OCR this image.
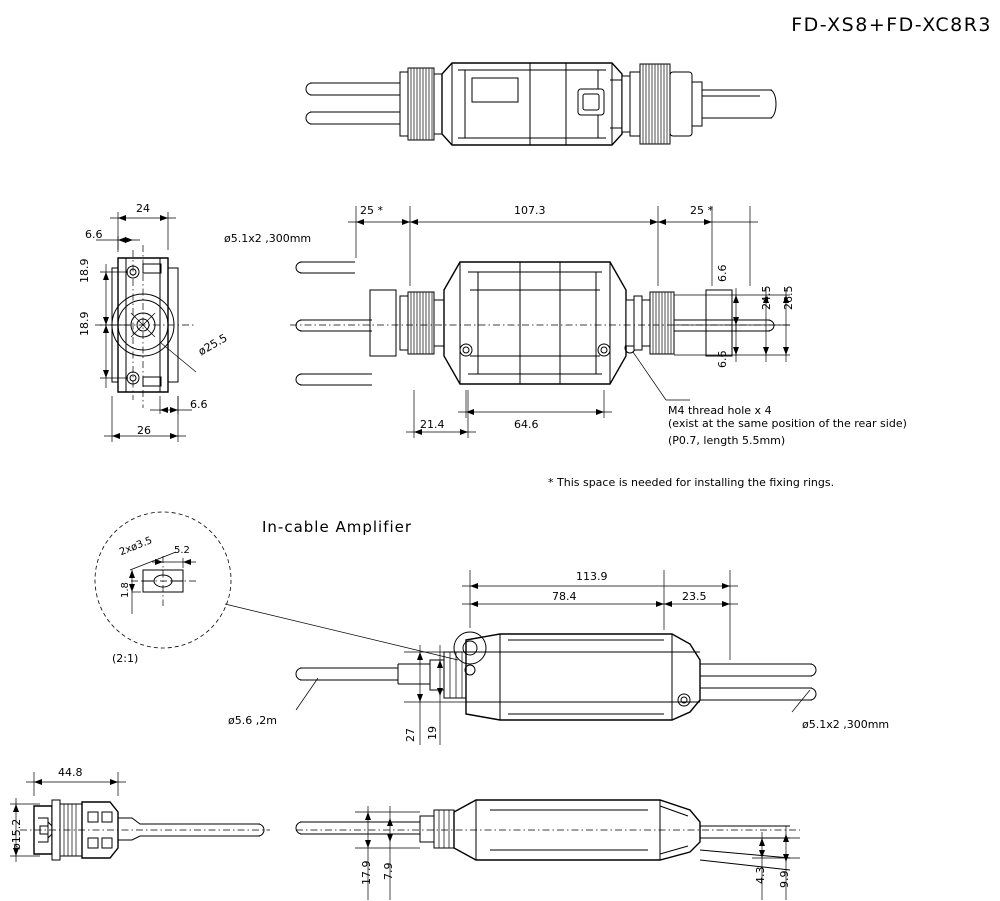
FD-XS8+FD-XC8R3
24
6.6
26
6.6
18.9
18.9
ø25.5
25 *	107.3	25 *
21.4	64.6
6.6
6.6
24.5 26.5
ø5.1x2 ,300mm
M4 thread hole x 4
(exist at the same position of the rear side)
(P0.7, length 5.5mm)
* This space is needed for installing the fixing rings.
In-cable Amplifier
2xø3.5 5.2
1.8
(2:1)
113.9
78.4	23.5
27 19
ø5.6 ,2m	ø5.1x2 ,300mm
44.8
ø15.2
17.9 7.9	4.3 9.9
